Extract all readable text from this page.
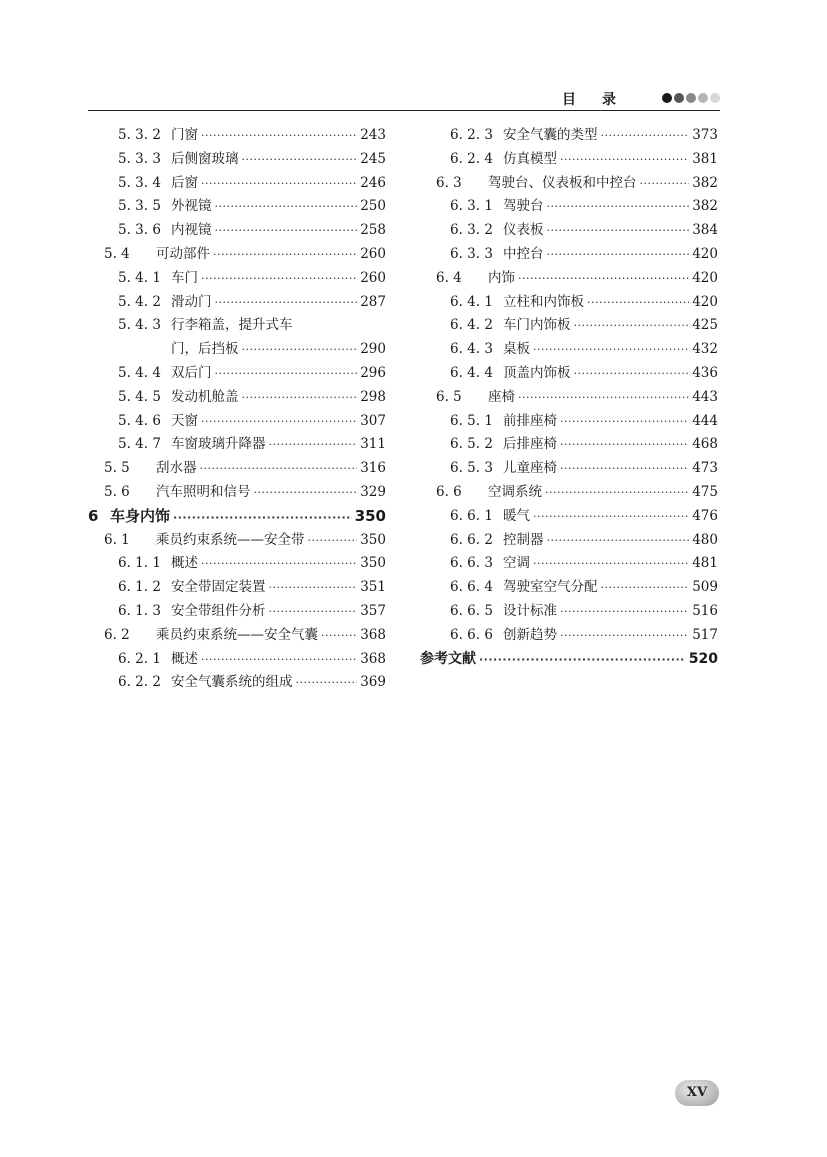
目录
5. 3. 2 门窗 ·····	243
5. 3. 3 后侧窗玻璃 ·····	245
5. 3. 4 后窗 ·····	246
5. 3. 5 外视镜 ·····	250
5. 3. 6 内视镜 ·····	258
5. 4	可动部件 ·····	260
5. 4. 1 车门 ·····	260
5. 4. 2 滑动门 ·····	287
5. 4. 3 行李箱盖，提升式车
门，后挡板 ·····	290
5. 4. 4 双后门 ·····	296
5. 4. 5 发动机舱盖 ·····	298
5. 4. 6 天窗 ·····	307
5. 4. 7 车窗玻璃升降器 ·····	311
5. 5	刮水器 ·····	316
5. 6	汽车照明和信号 ·····	329
6 车身内饰 ·····	350
6. 1	乘员约束系统——安全带 ·····	350
6. 1. 1 概述 ·····	350
6. 1. 2 安全带固定装置 ·····	351
6. 1. 3 安全带组件分析 ·····	357
6. 2	乘员约束系统——安全气囊 ·····	368
6. 2. 1 概述 ·····	368
6. 2. 2 安全气囊系统的组成 ·····	369
6. 2. 3 安全气囊的类型 ·····	373
6. 2. 4 仿真模型 ·····	381
6. 3	驾驶台、仪表板和中控台 ·····	382
6. 3. 1 驾驶台 ·····	382
6. 3. 2 仪表板 ·····	384
6. 3. 3 中控台 ·····	420
6. 4	内饰 ·····	420
6. 4. 1 立柱和内饰板 ·····	420
6. 4. 2 车门内饰板 ·····	425
6. 4. 3 桌板 ·····	432
6. 4. 4 顶盖内饰板 ·····	436
6. 5	座椅 ·····	443
6. 5. 1 前排座椅 ·····	444
6. 5. 2 后排座椅 ·····	468
6. 5. 3 儿童座椅 ·····	473
6. 6	空调系统 ·····	475
6. 6. 1 暖气 ·····	476
6. 6. 2 控制器 ·····	480
6. 6. 3 空调 ·····	481
6. 6. 4 驾驶室空气分配 ·····	509
6. 6. 5 设计标准 ·····	516
6. 6. 6 创新趋势 ·····	517
参考文献 ·····	520
XV
